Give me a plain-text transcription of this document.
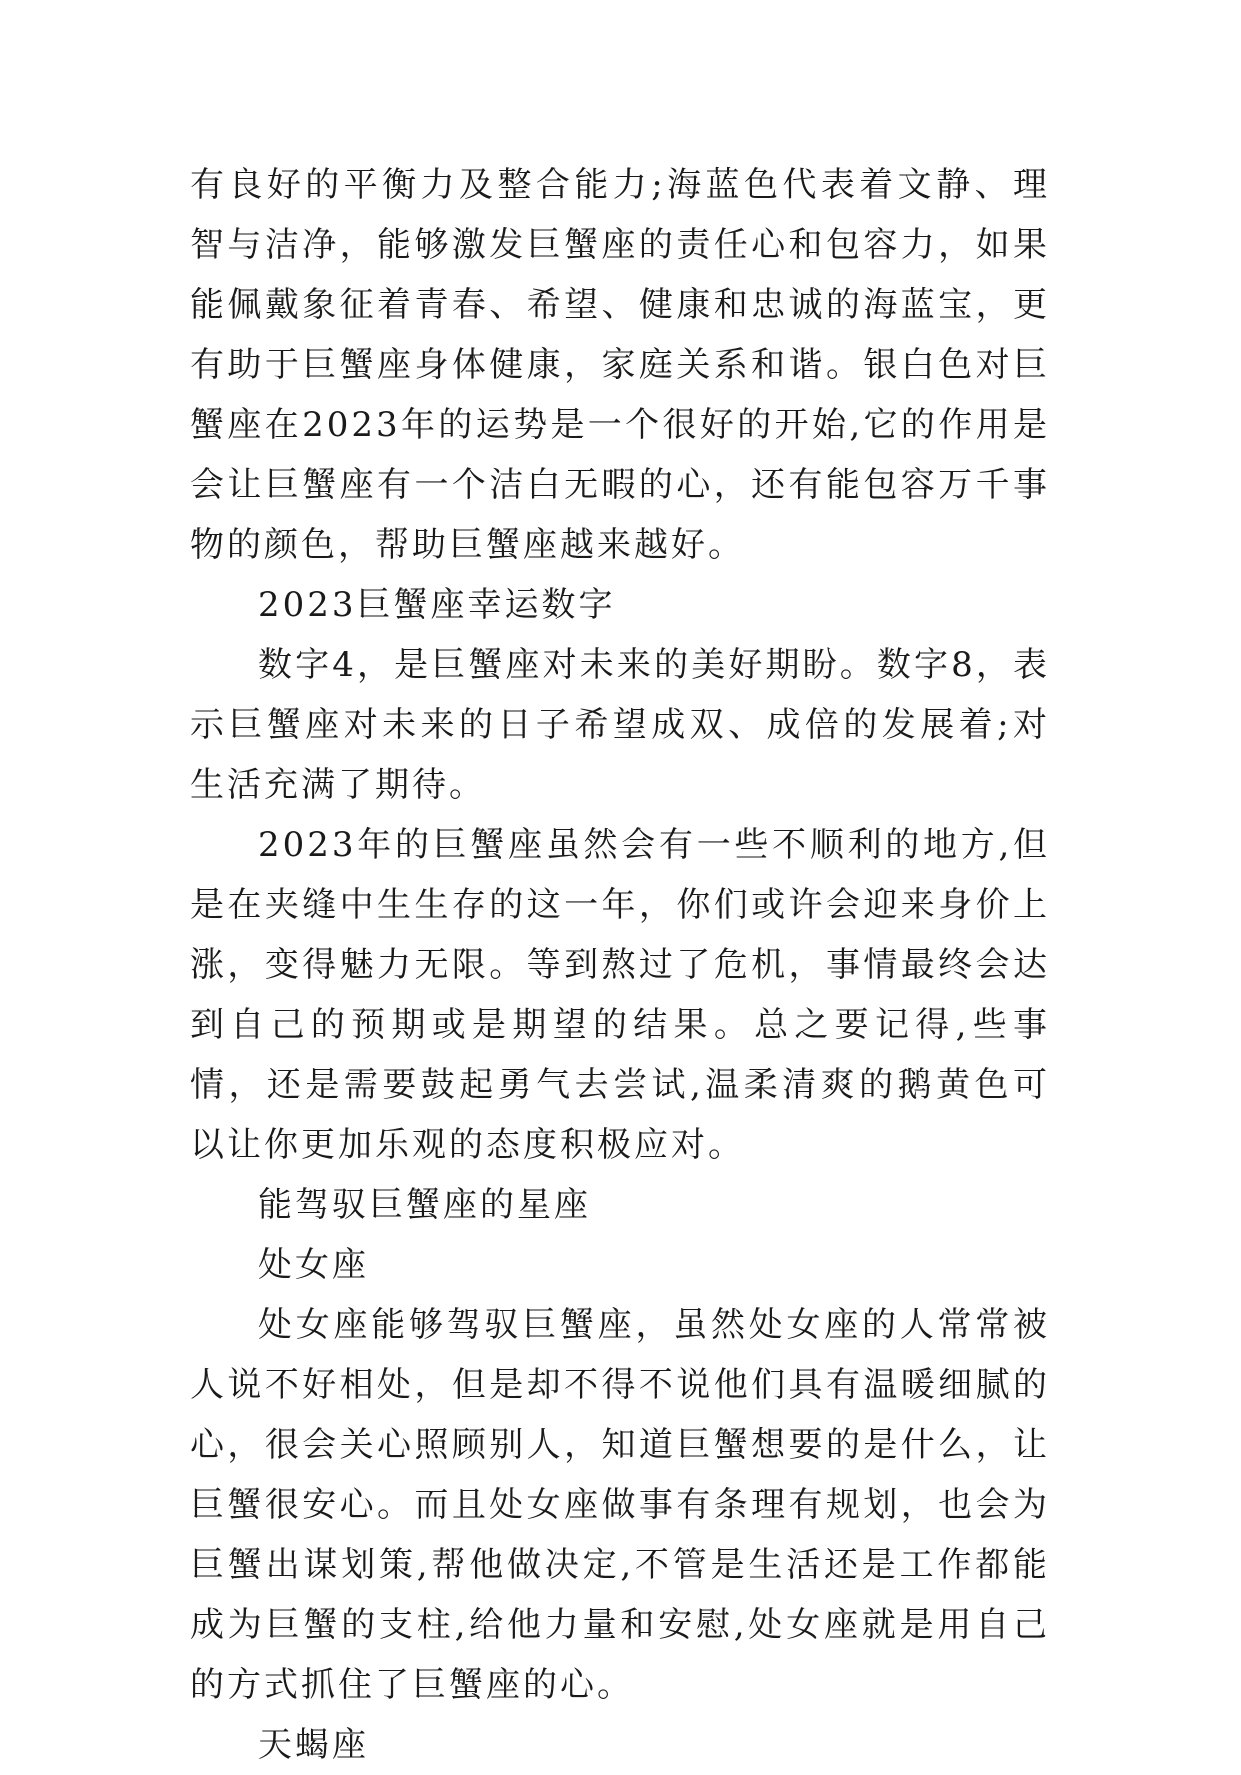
有良好的平衡力及整合能力;海蓝色代表着文静、理智与洁净，能够激发巨蟹座的责任心和包容力，如果能佩戴象征着青春、希望、健康和忠诚的海蓝宝，更有助于巨蟹座身体健康，家庭关系和谐。银白色对巨蟹座在2023年的运势是一个很好的开始,它的作用是会让巨蟹座有一个洁白无暇的心，还有能包容万千事物的颜色，帮助巨蟹座越来越好。

2023巨蟹座幸运数字

数字4，是巨蟹座对未来的美好期盼。数字8，表示巨蟹座对未来的日子希望成双、成倍的发展着;对生活充满了期待。

2023年的巨蟹座虽然会有一些不顺利的地方,但是在夹缝中生生存的这一年，你们或许会迎来身价上涨，变得魅力无限。等到熬过了危机，事情最终会达到自己的预期或是期望的结果。总之要记得,些事情，还是需要鼓起勇气去尝试,温柔清爽的鹅黄色可以让你更加乐观的态度积极应对。

能驾驭巨蟹座的星座

处女座

处女座能够驾驭巨蟹座，虽然处女座的人常常被人说不好相处，但是却不得不说他们具有温暖细腻的心，很会关心照顾别人，知道巨蟹想要的是什么，让巨蟹很安心。而且处女座做事有条理有规划，也会为巨蟹出谋划策,帮他做决定,不管是生活还是工作都能成为巨蟹的支柱,给他力量和安慰,处女座就是用自己的方式抓住了巨蟹座的心。

天蝎座
